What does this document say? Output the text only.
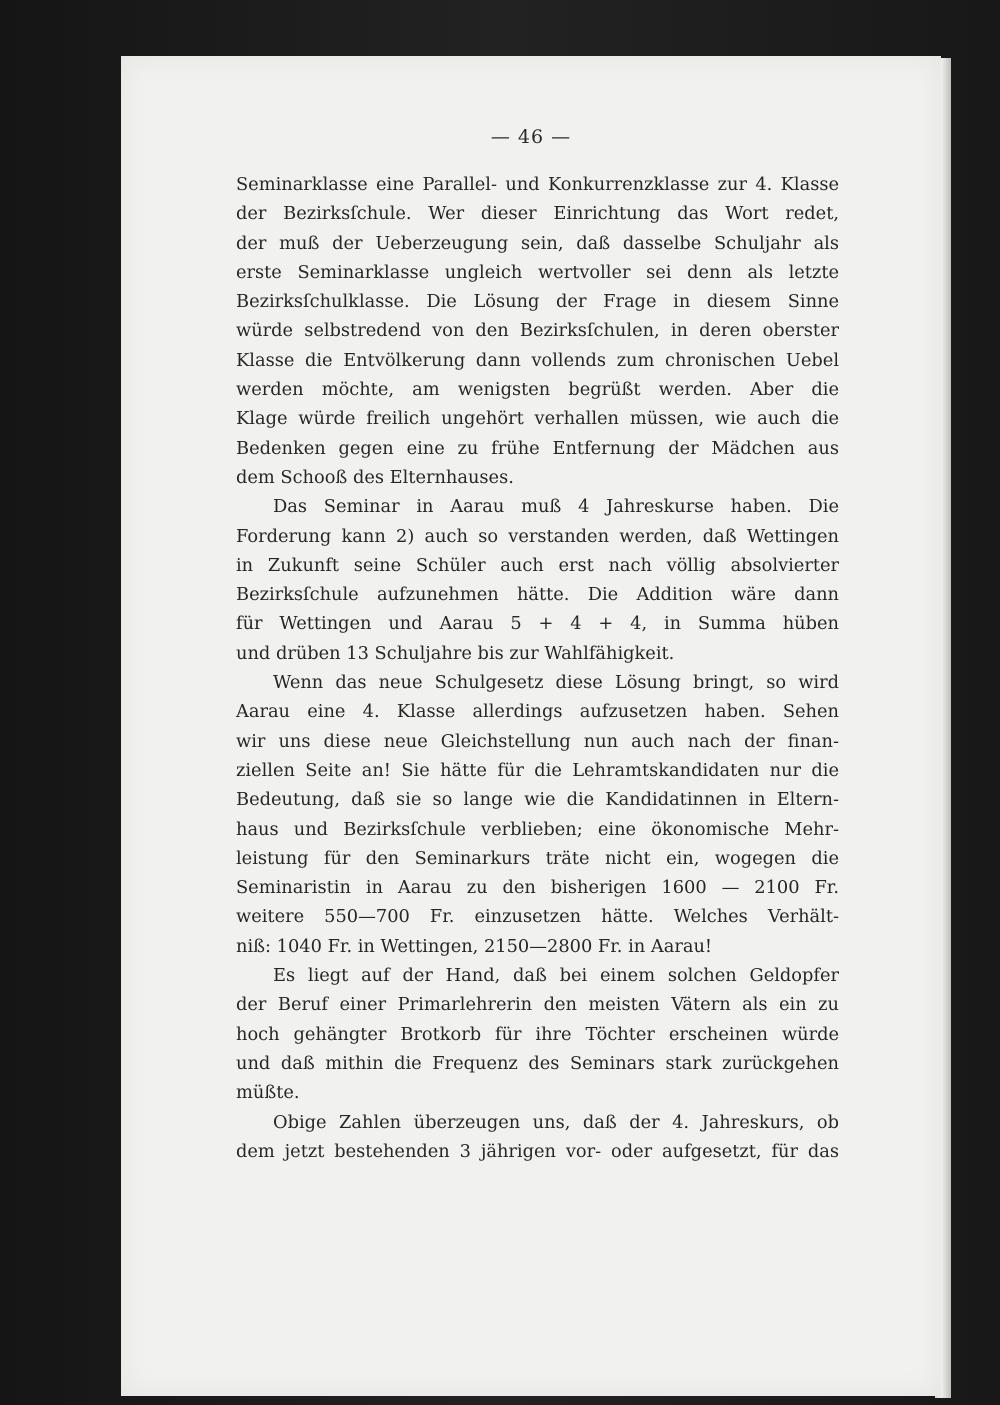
— 46 —
Seminarklasse eine Parallel- und Konkurrenzklasse zur 4. Klasse
der Bezirksſchule. Wer dieser Einrichtung das Wort redet,
der muß der Ueberzeugung sein, daß dasselbe Schuljahr als
erste Seminarklasse ungleich wertvoller sei denn als letzte
Bezirksſchulklasse. Die Lösung der Frage in diesem Sinne
würde selbstredend von den Bezirksſchulen, in deren oberster
Klasse die Entvölkerung dann vollends zum chronischen Uebel
werden möchte, am wenigsten begrüßt werden. Aber die
Klage würde freilich ungehört verhallen müssen, wie auch die
Bedenken gegen eine zu frühe Entfernung der Mädchen aus
dem Schooß des Elternhauses.
Das Seminar in Aarau muß 4 Jahreskurse haben. Die
Forderung kann 2) auch so verstanden werden, daß Wettingen
in Zukunft seine Schüler auch erst nach völlig absolvierter
Bezirksſchule aufzunehmen hätte. Die Addition wäre dann
für Wettingen und Aarau 5 + 4 + 4, in Summa hüben
und drüben 13 Schuljahre bis zur Wahlfähigkeit.
Wenn das neue Schulgesetz diese Lösung bringt, so wird
Aarau eine 4. Klasse allerdings aufzusetzen haben. Sehen
wir uns diese neue Gleichstellung nun auch nach der finan-
ziellen Seite an! Sie hätte für die Lehramtskandidaten nur die
Bedeutung, daß sie so lange wie die Kandidatinnen in Eltern-
haus und Bezirksſchule verblieben; eine ökonomische Mehr-
leistung für den Seminarkurs träte nicht ein, wogegen die
Seminaristin in Aarau zu den bisherigen 1600 — 2100 Fr.
weitere 550—700 Fr. einzusetzen hätte. Welches Verhält-
niß: 1040 Fr. in Wettingen, 2150—2800 Fr. in Aarau!
Es liegt auf der Hand, daß bei einem solchen Geldopfer
der Beruf einer Primarlehrerin den meisten Vätern als ein zu
hoch gehängter Brotkorb für ihre Töchter erscheinen würde
und daß mithin die Frequenz des Seminars stark zurückgehen
müßte.
Obige Zahlen überzeugen uns, daß der 4. Jahreskurs, ob
dem jetzt bestehenden 3 jährigen vor- oder aufgesetzt, für das
